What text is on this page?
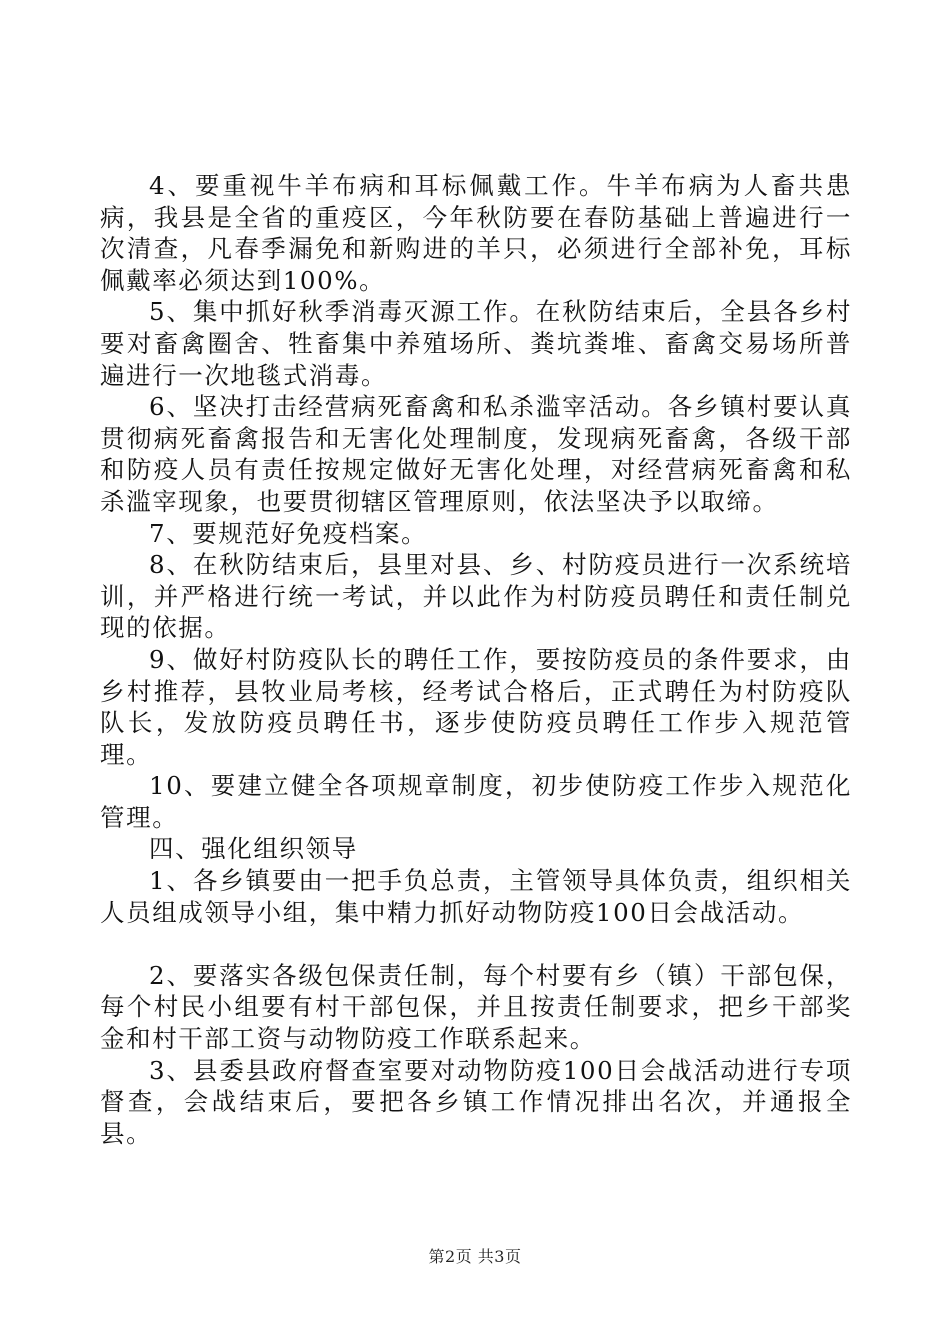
4、要重视牛羊布病和耳标佩戴工作。牛羊布病为人畜共患病，我县是全省的重疫区，今年秋防要在春防基础上普遍进行一次清查，凡春季漏免和新购进的羊只，必须进行全部补免，耳标佩戴率必须达到100%。

5、集中抓好秋季消毒灭源工作。在秋防结束后，全县各乡村要对畜禽圈舍、牲畜集中养殖场所、粪坑粪堆、畜禽交易场所普遍进行一次地毯式消毒。

6、坚决打击经营病死畜禽和私杀滥宰活动。各乡镇村要认真贯彻病死畜禽报告和无害化处理制度，发现病死畜禽，各级干部和防疫人员有责任按规定做好无害化处理，对经营病死畜禽和私杀滥宰现象，也要贯彻辖区管理原则，依法坚决予以取缔。

7、要规范好免疫档案。

8、在秋防结束后，县里对县、乡、村防疫员进行一次系统培训，并严格进行统一考试，并以此作为村防疫员聘任和责任制兑现的依据。

9、做好村防疫队长的聘任工作，要按防疫员的条件要求，由乡村推荐，县牧业局考核，经考试合格后，正式聘任为村防疫队队长，发放防疫员聘任书，逐步使防疫员聘任工作步入规范管理。

10、要建立健全各项规章制度，初步使防疫工作步入规范化管理。

四、强化组织领导

1、各乡镇要由一把手负总责，主管领导具体负责，组织相关人员组成领导小组，集中精力抓好动物防疫100日会战活动。

2、要落实各级包保责任制，每个村要有乡（镇）干部包保，每个村民小组要有村干部包保，并且按责任制要求，把乡干部奖金和村干部工资与动物防疫工作联系起来。

3、县委县政府督查室要对动物防疫100日会战活动进行专项督查，会战结束后，要把各乡镇工作情况排出名次，并通报全县。

第2页 共3页
